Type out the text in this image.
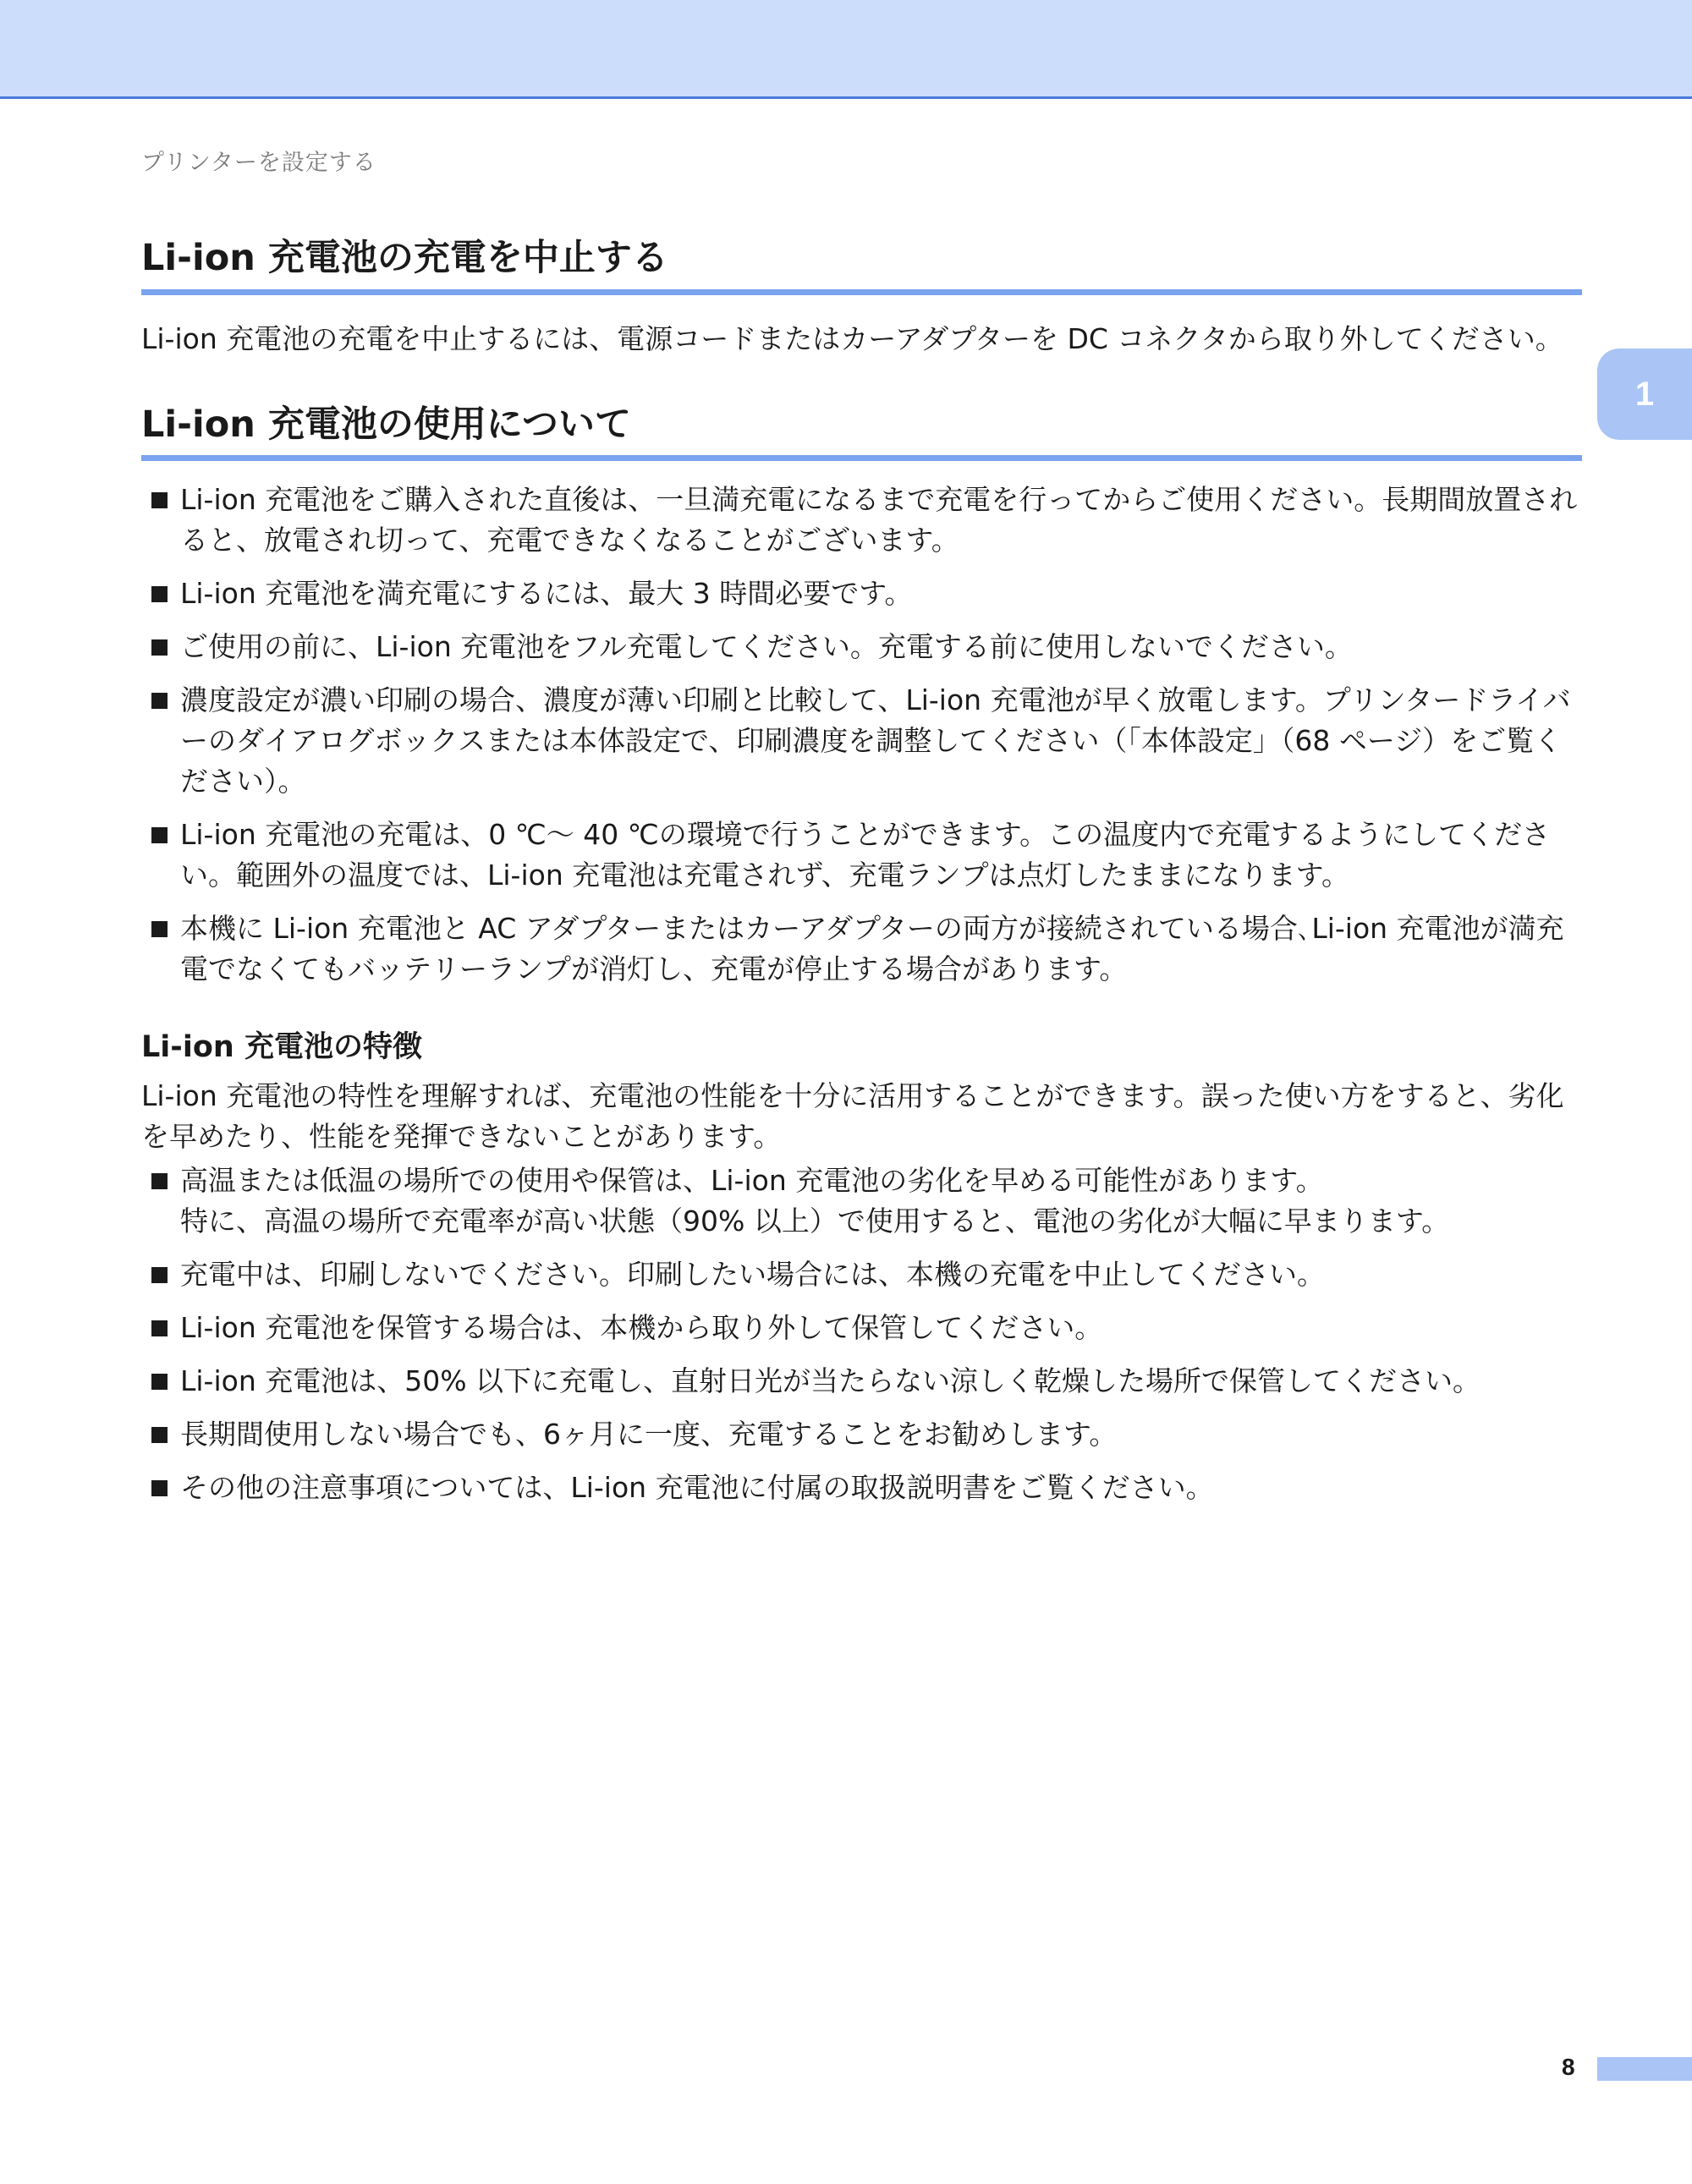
プリンターを設定する
1
Li-ion 充電池の充電を中止する

Li-ion 充電池の充電を中止するには、電源コードまたはカーアダプターを DC コネクタから取り外してください。

Li-ion 充電池の使用について
Li-ion 充電池をご購入された直後は、一旦満充電になるまで充電を行ってからご使用ください。長期間放置されると、放電され切って、充電できなくなることがございます。
Li-ion 充電池を満充電にするには、最大 3 時間必要です。
ご使用の前に、Li-ion 充電池をフル充電してください。充電する前に使用しないでください。
濃度設定が濃い印刷の場合、濃度が薄い印刷と比較して、Li-ion 充電池が早く放電します。プリンタードライバーのダイアログボックスまたは本体設定で、印刷濃度を調整してください（｢本体設定｣（68 ページ）をご覧ください）。
Li-ion 充電池の充電は、0 ℃～ 40 ℃の環境で行うことができます。この温度内で充電するようにしてください。範囲外の温度では、Li-ion 充電池は充電されず、充電ランプは点灯したままになります。
本機に Li-ion 充電池と AC アダプターまたはカーアダプターの両方が接続されている場合､Li-ion 充電池が満充電でなくてもバッテリーランプが消灯し、充電が停止する場合があります。
Li-ion 充電池の特徴

Li-ion 充電池の特性を理解すれば、充電池の性能を十分に活用することができます。誤った使い方をすると、劣化を早めたり、性能を発揮できないことがあります。

高温または低温の場所での使用や保管は、Li-ion 充電池の劣化を早める可能性があります。
特に、高温の場所で充電率が高い状態（90% 以上）で使用すると、電池の劣化が大幅に早まります。
充電中は、印刷しないでください。印刷したい場合には、本機の充電を中止してください。
Li-ion 充電池を保管する場合は、本機から取り外して保管してください。
Li-ion 充電池は、50% 以下に充電し、直射日光が当たらない涼しく乾燥した場所で保管してください。
長期間使用しない場合でも、6ヶ月に一度、充電することをお勧めします。
その他の注意事項については、Li-ion 充電池に付属の取扱説明書をご覧ください。
8
